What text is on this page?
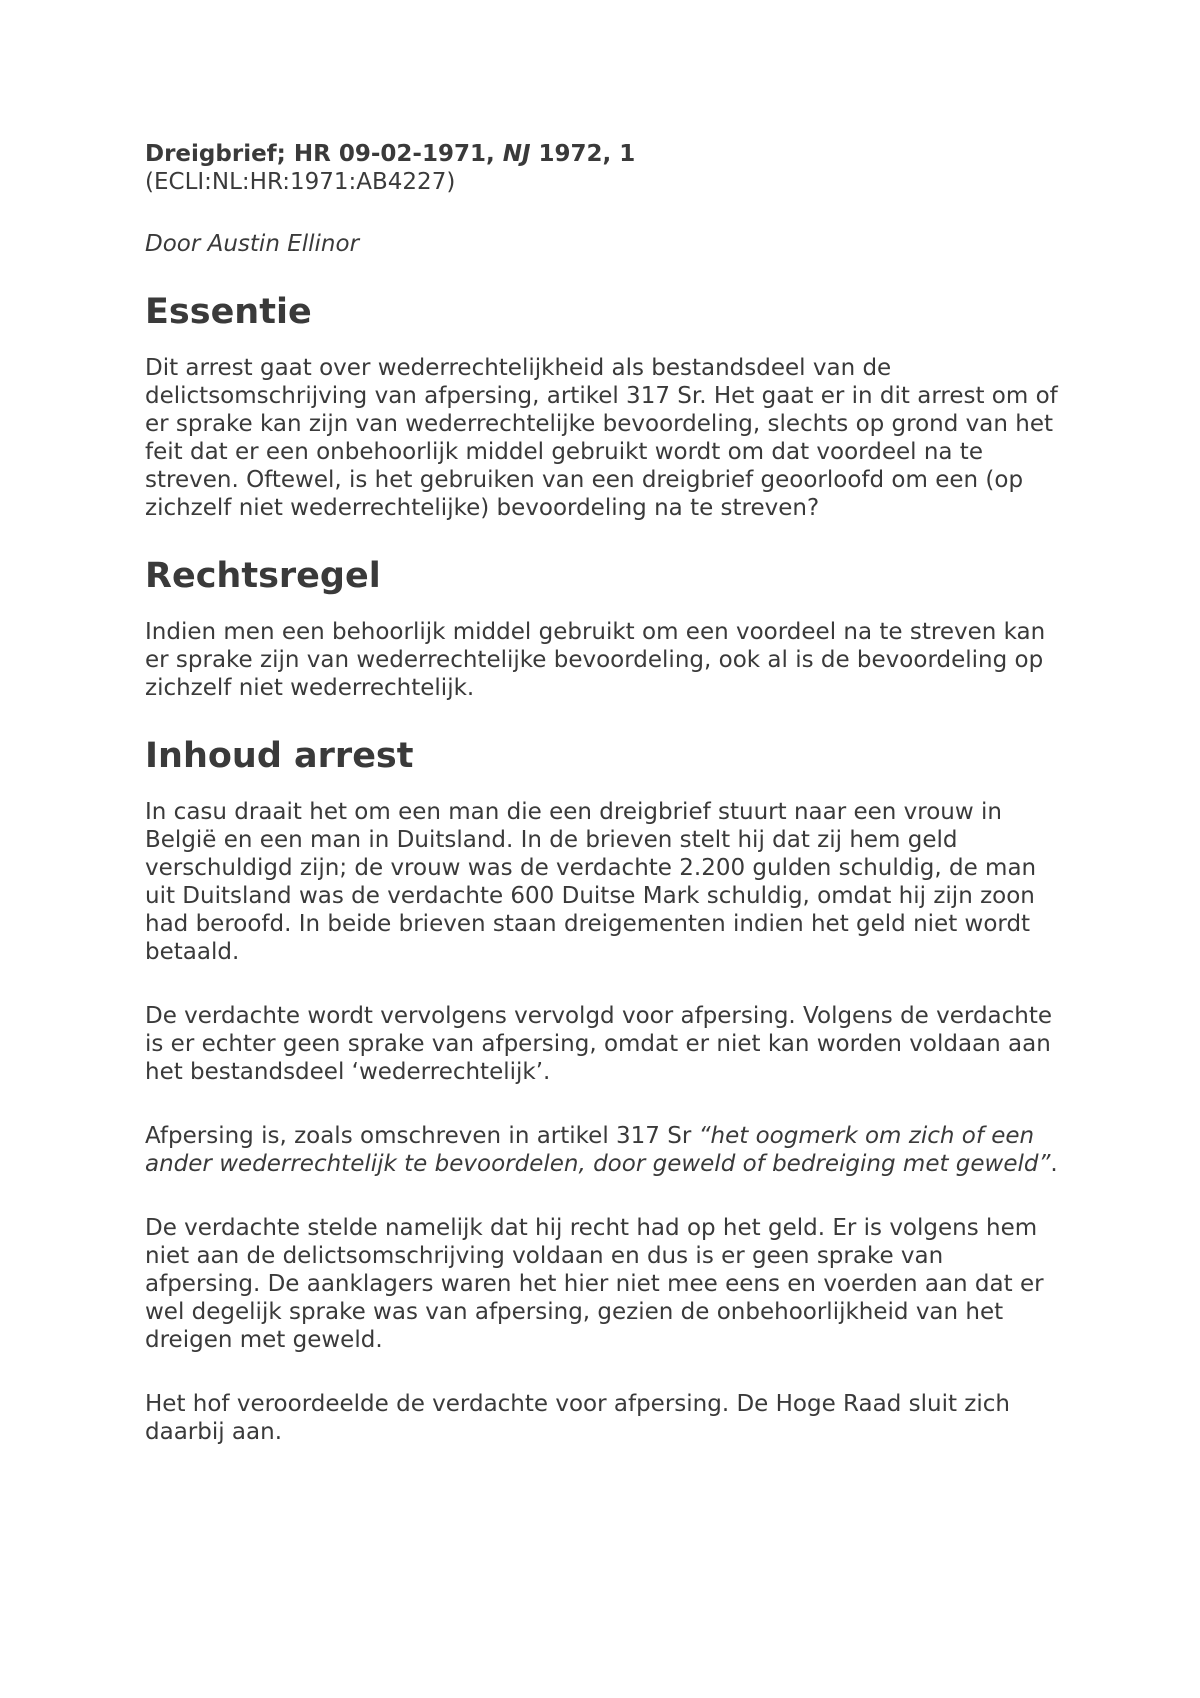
Dreigbrief; HR 09-02-1971, NJ 1972, 1

(ECLI:NL:HR:1971:AB4227)

Door Austin Ellinor

Essentie

Dit arrest gaat over wederrechtelijkheid als bestandsdeel van de delictsomschrijving van afpersing, artikel 317 Sr. Het gaat er in dit arrest om of er sprake kan zijn van wederrechtelijke bevoordeling, slechts op grond van het feit dat er een onbehoorlijk middel gebruikt wordt om dat voordeel na te streven. Oftewel, is het gebruiken van een dreigbrief geoorloofd om een (op zichzelf niet wederrechtelijke) bevoordeling na te streven?

Rechtsregel

Indien men een behoorlijk middel gebruikt om een voordeel na te streven kan er sprake zijn van wederrechtelijke bevoordeling, ook al is de bevoordeling op zichzelf niet wederrechtelijk.

Inhoud arrest

In casu draait het om een man die een dreigbrief stuurt naar een vrouw in België en een man in Duitsland. In de brieven stelt hij dat zij hem geld verschuldigd zijn; de vrouw was de verdachte 2.200 gulden schuldig, de man uit Duitsland was de verdachte 600 Duitse Mark schuldig, omdat hij zijn zoon had beroofd. In beide brieven staan dreigementen indien het geld niet wordt betaald.

De verdachte wordt vervolgens vervolgd voor afpersing. Volgens de verdachte is er echter geen sprake van afpersing, omdat er niet kan worden voldaan aan het bestandsdeel ‘wederrechtelijk’.

Afpersing is, zoals omschreven in artikel 317 Sr “het oogmerk om zich of een ander wederrechtelijk te bevoordelen, door geweld of bedreiging met geweld”.

De verdachte stelde namelijk dat hij recht had op het geld. Er is volgens hem niet aan de delictsomschrijving voldaan en dus is er geen sprake van afpersing. De aanklagers waren het hier niet mee eens en voerden aan dat er wel degelijk sprake was van afpersing, gezien de onbehoorlijkheid van het dreigen met geweld.

Het hof veroordeelde de verdachte voor afpersing. De Hoge Raad sluit zich daarbij aan.
